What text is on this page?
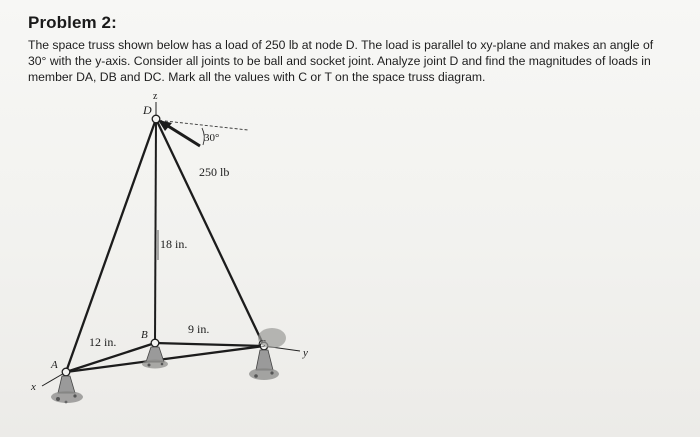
Problem 2:

The space truss shown below has a load of 250 lb at node D. The load is parallel to xy-plane and makes an angle of

30° with the y-axis. Consider all joints to be ball and socket joint. Analyze joint D and find the magnitudes of loads in

member DA, DB and DC. Mark all the values with C or T on the space truss diagram.

z
D
30°
250 lb
18 in.
9 in.
B
12 in.	C
y
A
x
